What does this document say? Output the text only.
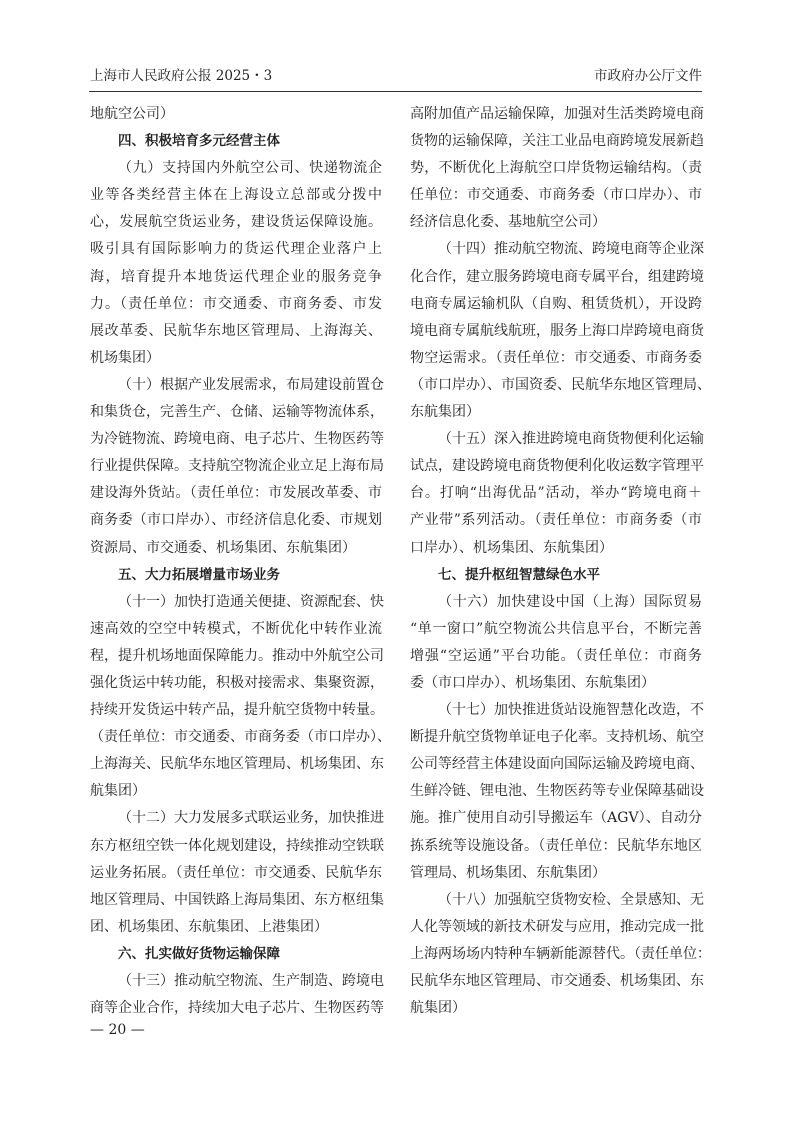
上海市人民政府公报 2025・3	市政府办公厅文件
地航空公司）
四、积极培育多元经营主体
（九）支持国内外航空公司、快递物流企
业等各类经营主体在上海设立总部或分拨中
心，发展航空货运业务，建设货运保障设施。
吸引具有国际影响力的货运代理企业落户上
海，培育提升本地货运代理企业的服务竞争
力。（责任单位：市交通委、市商务委、市发
展改革委、民航华东地区管理局、上海海关、
机场集团）
（十）根据产业发展需求，布局建设前置仓
和集货仓，完善生产、仓储、运输等物流体系，
为冷链物流、跨境电商、电子芯片、生物医药等
行业提供保障。支持航空物流企业立足上海布局
建设海外货站。（责任单位：市发展改革委、市
商务委（市口岸办）、市经济信息化委、市规划
资源局、市交通委、机场集团、东航集团）
五、大力拓展增量市场业务
（十一）加快打造通关便捷、资源配套、快
速高效的空空中转模式，不断优化中转作业流
程，提升机场地面保障能力。推动中外航空公司
强化货运中转功能，积极对接需求、集聚资源，
持续开发货运中转产品，提升航空货物中转量。
（责任单位：市交通委、市商务委（市口岸办）、
上海海关、民航华东地区管理局、机场集团、东
航集团）
（十二）大力发展多式联运业务，加快推进
东方枢纽空铁一体化规划建设，持续推动空铁联
运业务拓展。（责任单位：市交通委、民航华东
地区管理局、中国铁路上海局集团、东方枢纽集
团、机场集团、东航集团、上港集团）
六、扎实做好货物运输保障
（十三）推动航空物流、生产制造、跨境电
商等企业合作，持续加大电子芯片、生物医药等
高附加值产品运输保障，加强对生活类跨境电商
货物的运输保障，关注工业品电商跨境发展新趋
势，不断优化上海航空口岸货物运输结构。（责
任单位：市交通委、市商务委（市口岸办）、市
经济信息化委、基地航空公司）
（十四）推动航空物流、跨境电商等企业深
化合作，建立服务跨境电商专属平台，组建跨境
电商专属运输机队（自购、租赁货机），开设跨
境电商专属航线航班，服务上海口岸跨境电商货
物空运需求。（责任单位：市交通委、市商务委
（市口岸办）、市国资委、民航华东地区管理局、
东航集团）
（十五）深入推进跨境电商货物便利化运输
试点，建设跨境电商货物便利化收运数字管理平
台。打响“出海优品”活动，举办“跨境电商＋
产业带”系列活动。（责任单位：市商务委（市
口岸办）、机场集团、东航集团）
七、提升枢纽智慧绿色水平
（十六）加快建设中国（上海）国际贸易
“单一窗口”航空物流公共信息平台，不断完善
增强“空运通”平台功能。（责任单位：市商务
委（市口岸办）、机场集团、东航集团）
（十七）加快推进货站设施智慧化改造，不
断提升航空货物单证电子化率。支持机场、航空
公司等经营主体建设面向国际运输及跨境电商、
生鲜冷链、锂电池、生物医药等专业保障基础设
施。推广使用自动引导搬运车（AGV）、自动分
拣系统等设施设备。（责任单位：民航华东地区
管理局、机场集团、东航集团）
（十八）加强航空货物安检、全景感知、无
人化等领域的新技术研发与应用，推动完成一批
上海两场场内特种车辆新能源替代。（责任单位：
民航华东地区管理局、市交通委、机场集团、东
航集团）
— 20 —
